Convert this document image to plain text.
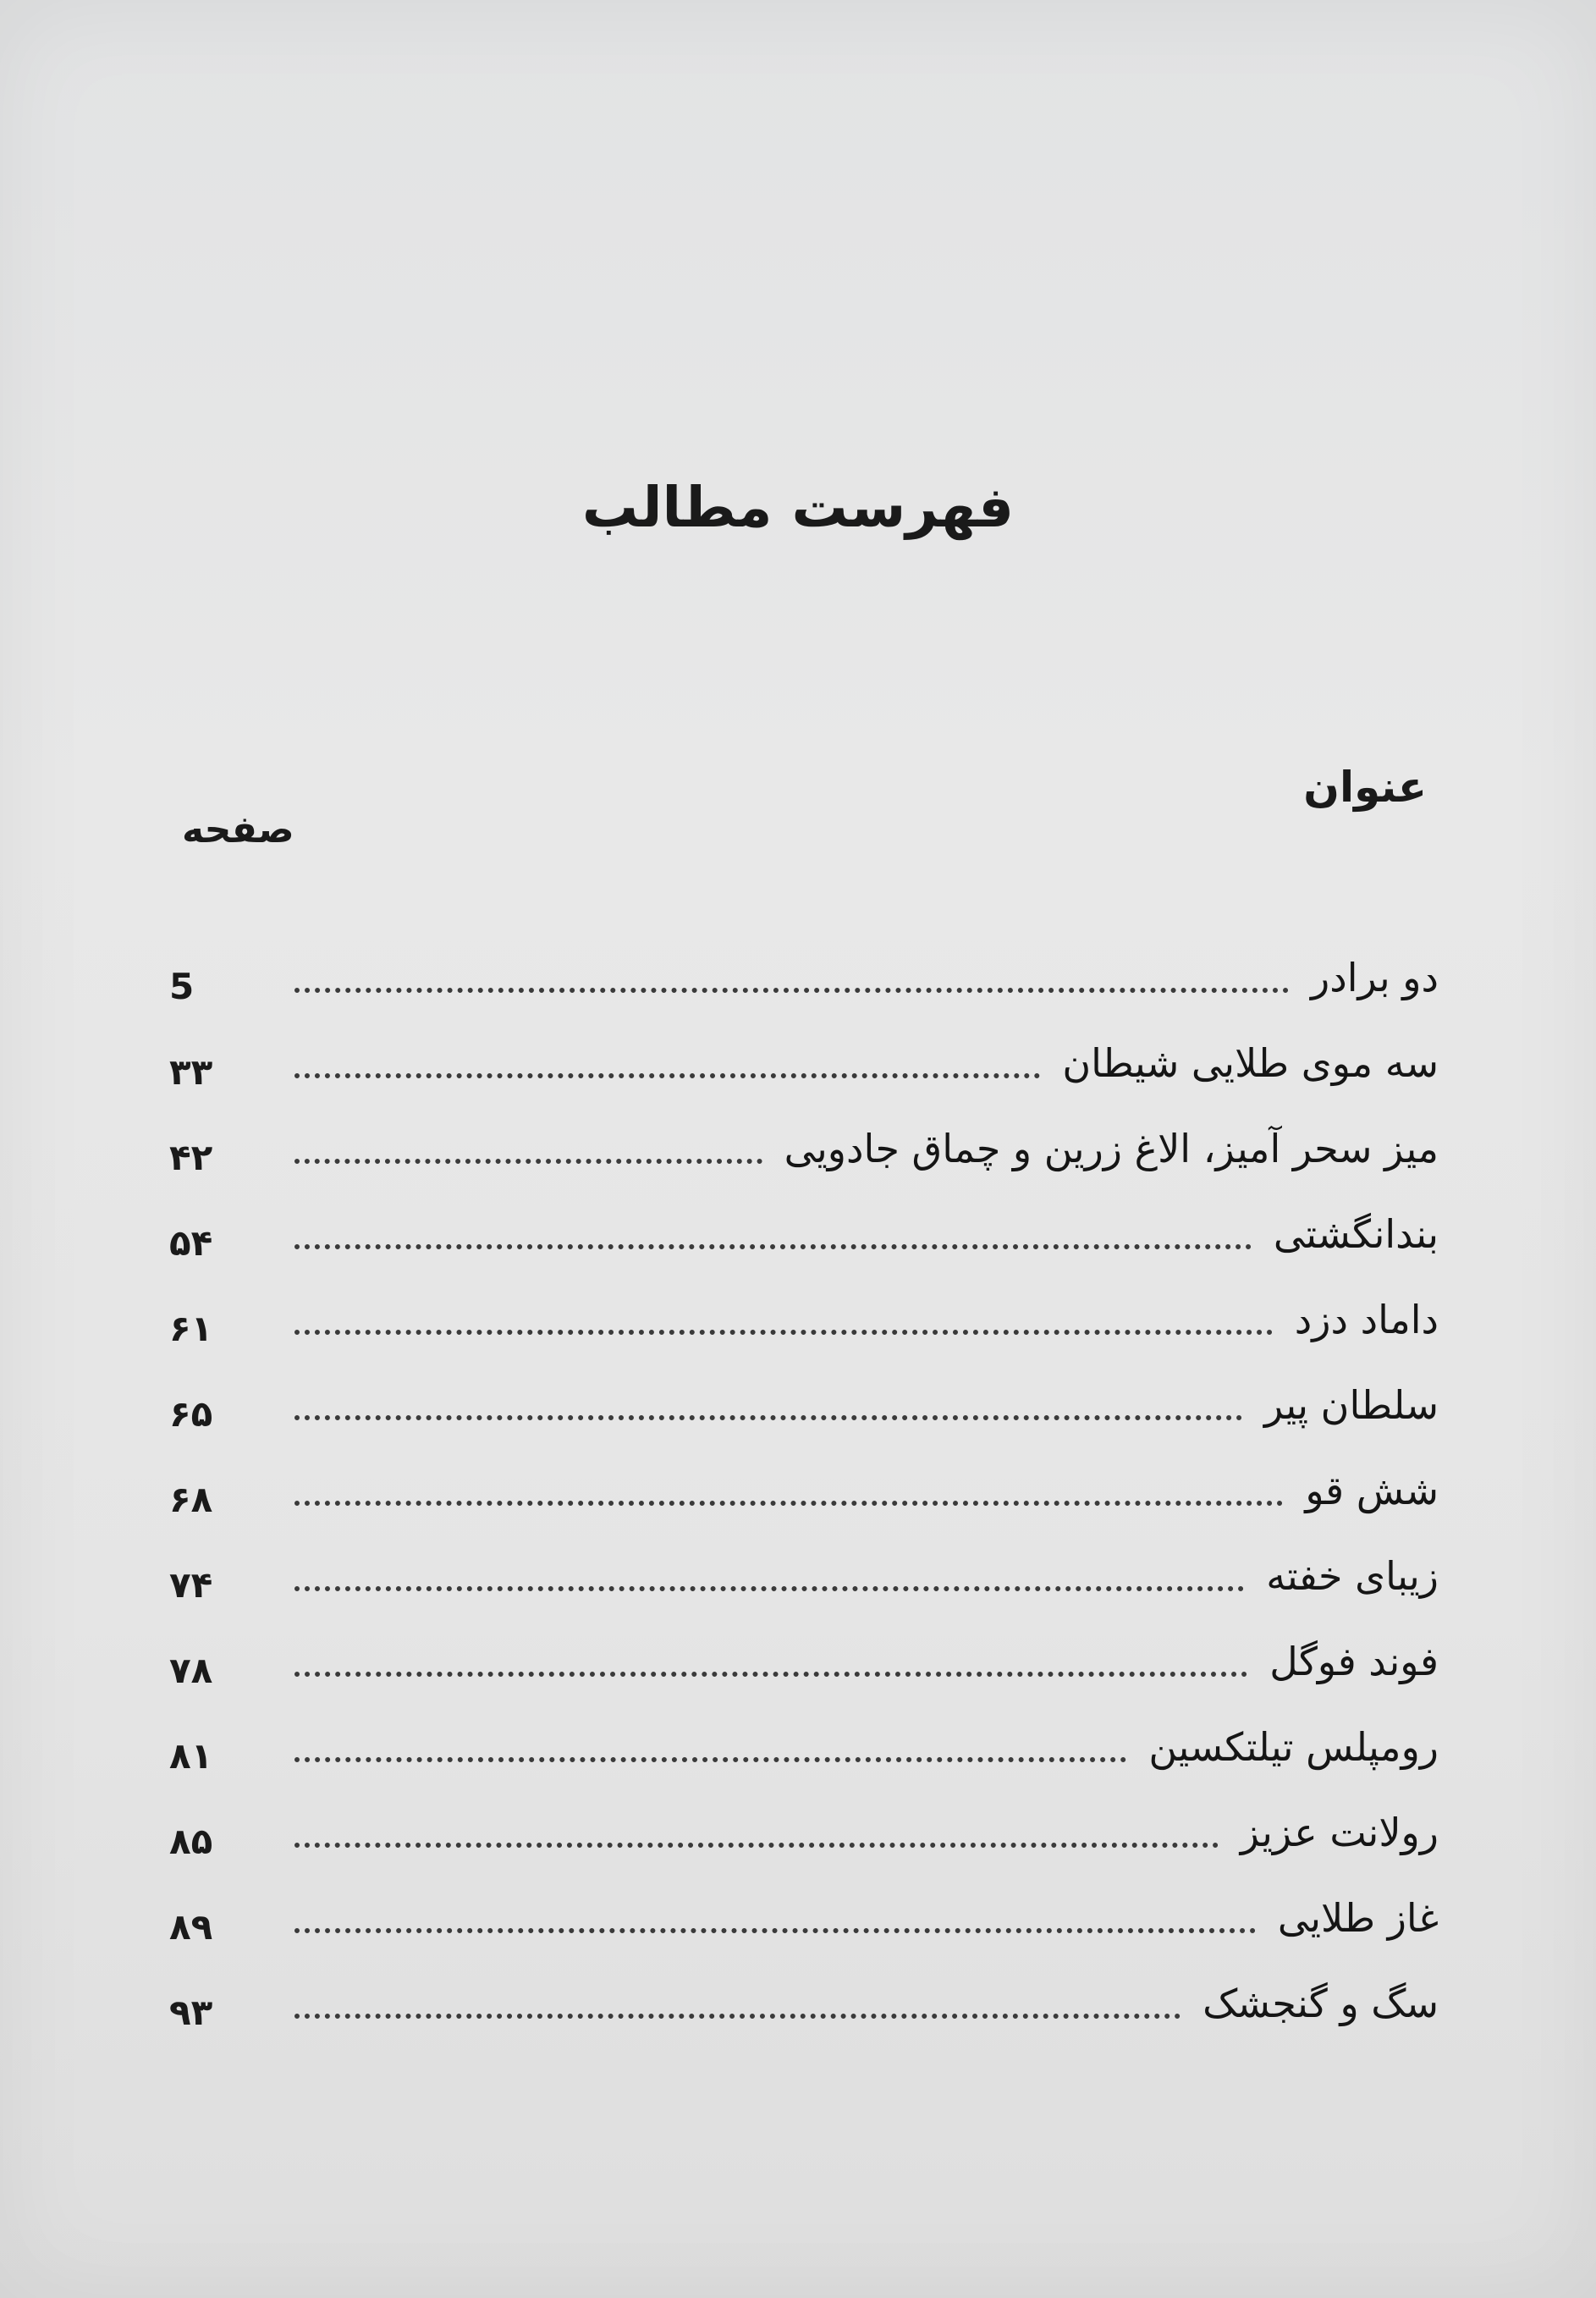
فهرست مطالب
عنوان
صفحه
دو برادر
5
سه موی طلایی شیطان
۳۳
میز سحر آمیز، الاغ زرین و چماق جادویی
۴۲
بندانگشتی
۵۴
داماد دزد
۶۱
سلطان پیر
۶۵
شش قو
۶۸
زیبای خفته
۷۴
فوند فوگل
۷۸
رومپلس تیلتکسین
۸۱
رولانت عزیز
۸۵
غاز طلایی
۸۹
سگ و گنجشک
۹۳
